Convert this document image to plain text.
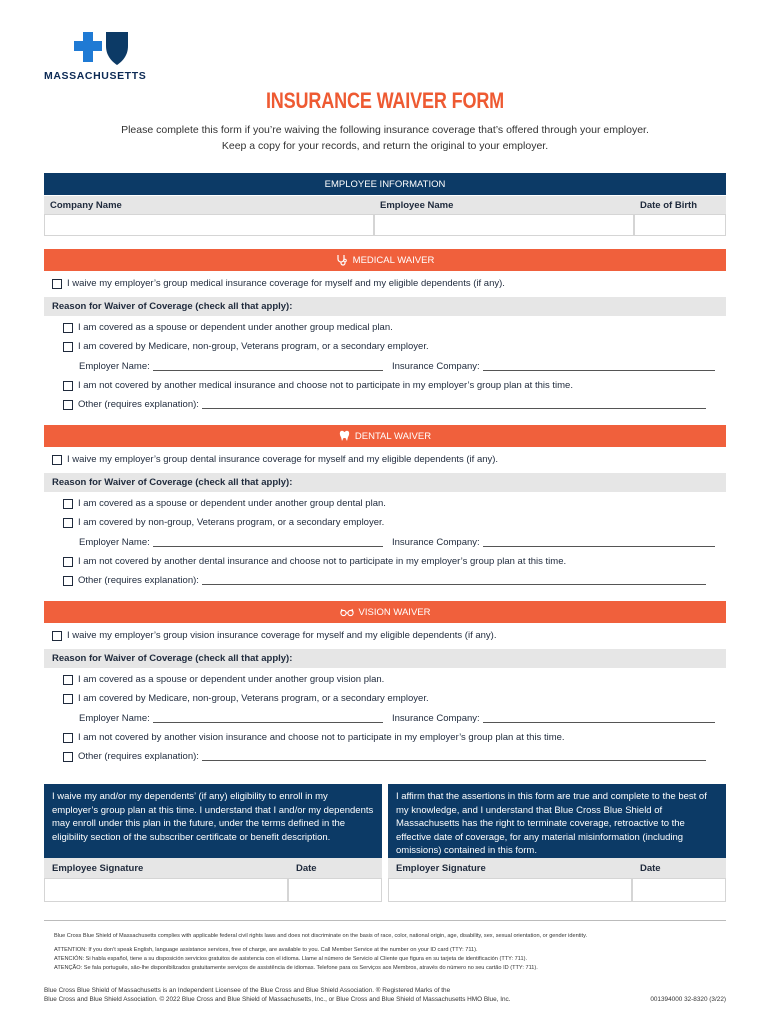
MASSACHUSETTS
INSURANCE WAIVER FORM
Please complete this form if you’re waiving the following insurance coverage that’s offered through your employer.
Keep a copy for your records, and return the original to your employer.
EMPLOYEE INFORMATION
Company Name	Employee Name	Date of Birth
MEDICAL WAIVER
I waive my employer’s group medical insurance coverage for myself and my eligible dependents (if any).
Reason for Waiver of Coverage (check all that apply):
I am covered as a spouse or dependent under another group medical plan.
I am covered by Medicare, non-group, Veterans program, or a secondary employer.
Employer Name:	Insurance Company:
I am not covered by another medical insurance and choose not to participate in my employer’s group plan at this time.
Other (requires explanation):
DENTAL WAIVER
I waive my employer’s group dental insurance coverage for myself and my eligible dependents (if any).
Reason for Waiver of Coverage (check all that apply):
I am covered as a spouse or dependent under another group dental plan.
I am covered by non-group, Veterans program, or a secondary employer.
Employer Name:	Insurance Company:
I am not covered by another dental insurance and choose not to participate in my employer’s group plan at this time.
Other (requires explanation):
VISION WAIVER
I waive my employer’s group vision insurance coverage for myself and my eligible dependents (if any).
Reason for Waiver of Coverage (check all that apply):
I am covered as a spouse or dependent under another group vision plan.
I am covered by Medicare, non-group, Veterans program, or a secondary employer.
Employer Name:	Insurance Company:
I am not covered by another vision insurance and choose not to participate in my employer’s group plan at this time.
Other (requires explanation):
I waive my and/or my dependents’ (if any) eligibility to enroll in my employer’s group plan at this time. I understand that I and/or my dependents may enroll under this plan in the future, under the terms defined in the eligibility section of the subscriber certificate or benefit description.
I affirm that the assertions in this form are true and complete to the best of my knowledge, and I understand that Blue Cross Blue Shield of Massachusetts has the right to terminate coverage, retroactive to the effective date of coverage, for any material misinformation (including omissions) contained in this form.
Employee Signature	Date	Employer Signature	Date
Blue Cross Blue Shield of Massachusetts complies with applicable federal civil rights laws and does not discriminate on the basis of race, color, national origin, age, disability, sex, sexual orientation, or gender identity.
ATTENTION: If you don’t speak English, language assistance services, free of charge, are available to you. Call Member Service at the number on your ID card (TTY: 711).
ATENCIÓN: Si habla español, tiene a su disposición servicios gratuitos de asistencia con el idioma. Llame al número de Servicio al Cliente que figura en su tarjeta de identificación (TTY: 711).
ATENÇÃO: Se fala português, são-lhe disponibilizados gratuitamente serviços de assistência de idiomas. Telefone para os Serviços aos Membros, através do número no seu cartão ID (TTY: 711).
Blue Cross Blue Shield of Massachusetts is an Independent Licensee of the Blue Cross and Blue Shield Association. ® Registered Marks of the
Blue Cross and Blue Shield Association. © 2022 Blue Cross and Blue Shield of Massachusetts, Inc., or Blue Cross and Blue Shield of Massachusetts HMO Blue, Inc.	001394000 32-8320 (3/22)
